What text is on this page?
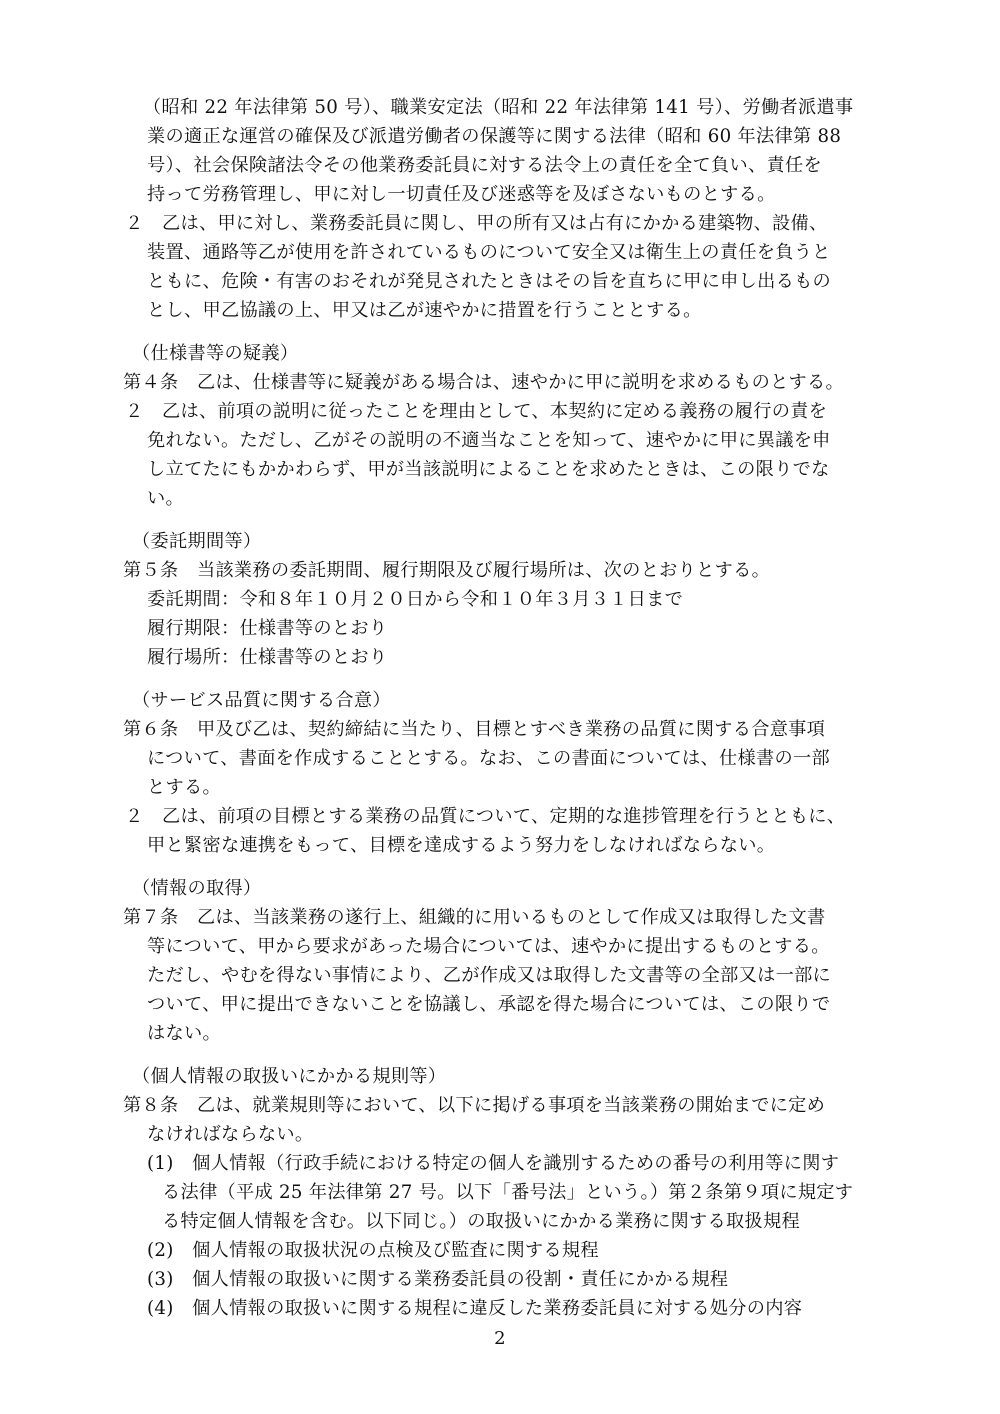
（昭和 22 年法律第 50 号）、職業安定法（昭和 22 年法律第 141 号）、労働者派遣事
業の適正な運営の確保及び派遣労働者の保護等に関する法律（昭和 60 年法律第 88
号）、社会保険諸法令その他業務委託員に対する法令上の責任を全て負い、責任を
持って労務管理し、甲に対し一切責任及び迷惑等を及ぼさないものとする。
２　乙は、甲に対し、業務委託員に関し、甲の所有又は占有にかかる建築物、設備、
装置、通路等乙が使用を許されているものについて安全又は衛生上の責任を負うと
ともに、危険・有害のおそれが発見されたときはその旨を直ちに甲に申し出るもの
とし、甲乙協議の上、甲又は乙が速やかに措置を行うこととする。
（仕様書等の疑義）
第４条　乙は、仕様書等に疑義がある場合は、速やかに甲に説明を求めるものとする。
２　乙は、前項の説明に従ったことを理由として、本契約に定める義務の履行の責を
免れない。ただし、乙がその説明の不適当なことを知って、速やかに甲に異議を申
し立てたにもかかわらず、甲が当該説明によることを求めたときは、この限りでな
い。
（委託期間等）
第５条　当該業務の委託期間、履行期限及び履行場所は、次のとおりとする。
委託期間：令和８年１０月２０日から令和１０年３月３１日まで
履行期限：仕様書等のとおり
履行場所：仕様書等のとおり
（サービス品質に関する合意）
第６条　甲及び乙は、契約締結に当たり、目標とすべき業務の品質に関する合意事項
について、書面を作成することとする。なお、この書面については、仕様書の一部
とする。
２　乙は、前項の目標とする業務の品質について、定期的な進捗管理を行うとともに、
甲と緊密な連携をもって、目標を達成するよう努力をしなければならない。
（情報の取得）
第７条　乙は、当該業務の遂行上、組織的に用いるものとして作成又は取得した文書
等について、甲から要求があった場合については、速やかに提出するものとする。
ただし、やむを得ない事情により、乙が作成又は取得した文書等の全部又は一部に
ついて、甲に提出できないことを協議し、承認を得た場合については、この限りで
はない。
（個人情報の取扱いにかかる規則等）
第８条　乙は、就業規則等において、以下に掲げる事項を当該業務の開始までに定め
なければならない。
(1)　個人情報（行政手続における特定の個人を識別するための番号の利用等に関す
る法律（平成 25 年法律第 27 号。以下「番号法」という。）第２条第９項に規定す
る特定個人情報を含む。以下同じ。）の取扱いにかかる業務に関する取扱規程
(2)　個人情報の取扱状況の点検及び監査に関する規程
(3)　個人情報の取扱いに関する業務委託員の役割・責任にかかる規程
(4)　個人情報の取扱いに関する規程に違反した業務委託員に対する処分の内容
2
